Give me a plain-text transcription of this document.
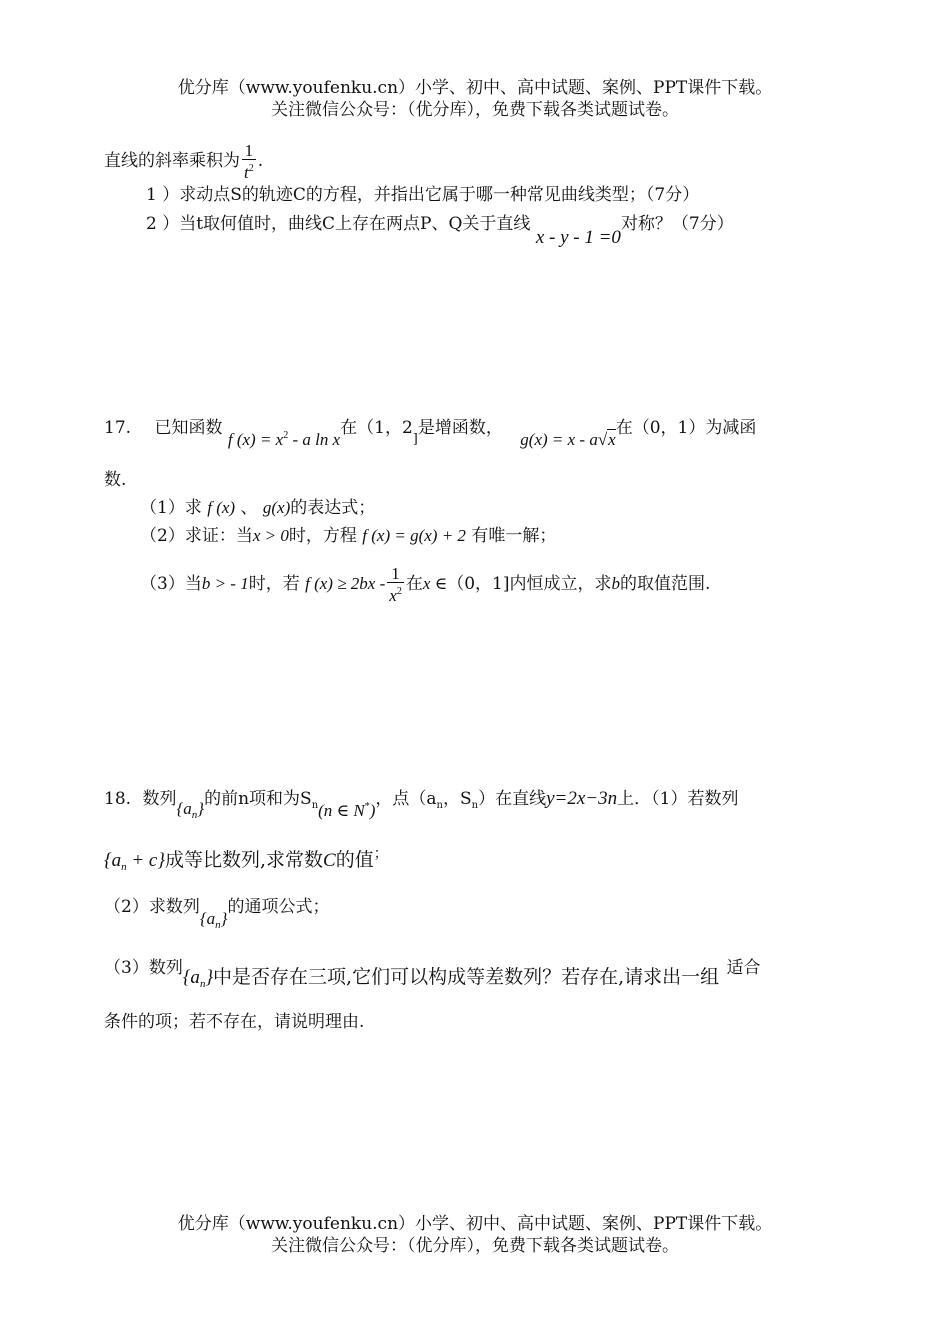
优分库（www.youfenku.cn）小学、初中、高中试题、案例、PPT课件下载。
关注微信公众号：（优分库），免费下载各类试题试卷。
直线的斜率乘积为 $\frac{1}{t^2}$ .
1 ）求动点S的轨迹C的方程，并指出它属于哪一种常见曲线类型；（7分）
2 ）当t取何值时，曲线C上存在两点P、Q关于直线 x - y - 1 =0对称？（7分）
17. 已知函数 f $(x) = x^2 - a$ ln x在（1，$2_]$是增函数， g(x) = x - a√x在（0，1）为减函
数.
（1）求 f (x) 、 g(x)的表达式；
（2）求证：当x > 0时，方程 f (x) = g(x) + 2 有唯一解；
（3）当b > - 1时，若 f $(x) \ge 2bx - \frac{1}{x^2}$ 在x ∈（0，1]内恒成立，求b的取值范围.
18. 数列$\{a_n\}$的前n项和为$S_n(n$ ∈ N*)，点（$a_n$，$S_n$）在直线y=2x−3n上．（1）若数列
$\{a_n + c\}$成等比数列,求常数C的值；
（2）求数列$\{a_n\}$的通项公式；
（3）数列$\{a_n\}$中是否存在三项,它们可以构成等差数列？若存在,请求出一组 适合
条件的项；若不存在，请说明理由.
优分库（www.youfenku.cn）小学、初中、高中试题、案例、PPT课件下载。
关注微信公众号：（优分库），免费下载各类试题试卷。
